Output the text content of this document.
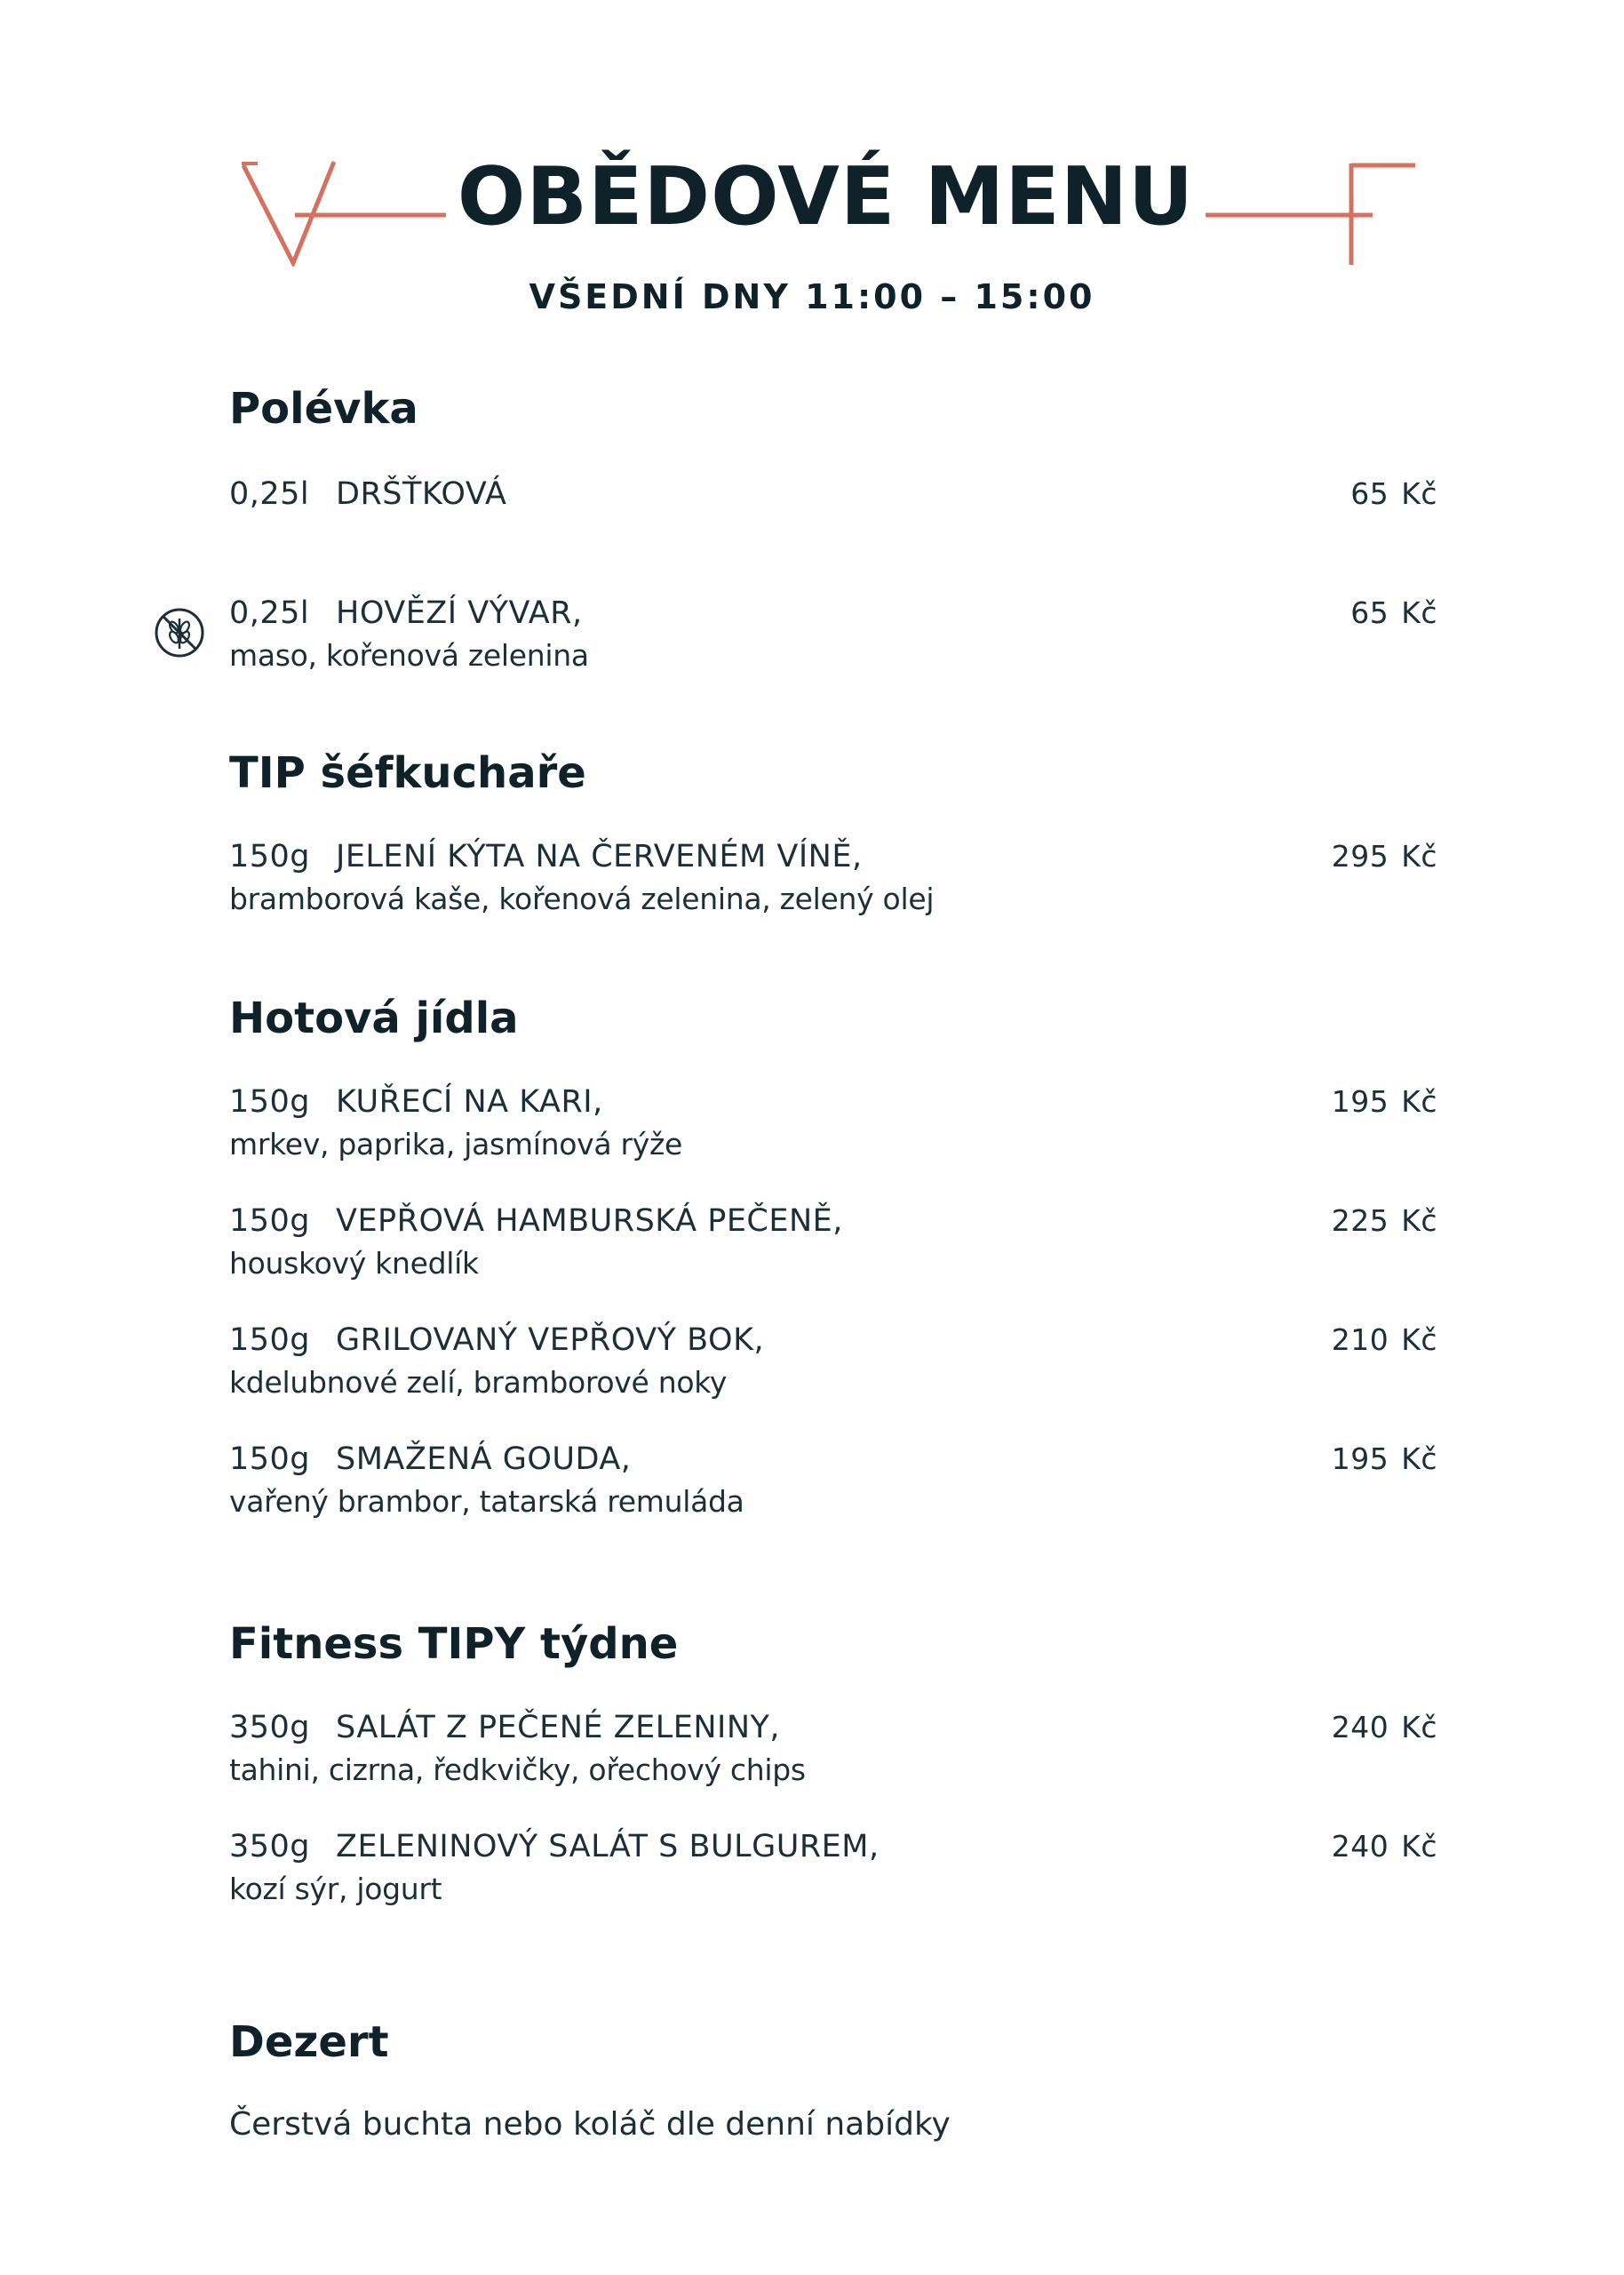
OBĚDOVÉ MENU
VŠEDNÍ DNY 11:00 – 15:00
Polévka
0,25l DRŠŤKOVÁ	65 Kč
0,25l HOVĚZÍ VÝVAR,
maso, kořenová zelenina
65 Kč
TIP šéfkuchaře
150g JELENÍ KÝTA NA ČERVENÉM VÍNĚ,
bramborová kaše, kořenová zelenina, zelený olej
295 Kč
Hotová jídla
150g KUŘECÍ NA KARI,
mrkev, paprika, jasmínová rýže
195 Kč
150g VEPŘOVÁ HAMBURSKÁ PEČENĚ,
houskový knedlík
225 Kč
150g GRILOVANÝ VEPŘOVÝ BOK,
kdelubnové zelí, bramborové noky
210 Kč
150g SMAŽENÁ GOUDA,
vařený brambor, tatarská remuláda
195 Kč
Fitness TIPY týdne
350g SALÁT Z PEČENÉ ZELENINY,
tahini, cizrna, ředkvičky, ořechový chips
240 Kč
350g ZELENINOVÝ SALÁT S BULGUREM,
kozí sýr, jogurt
240 Kč
Dezert
Čerstvá buchta nebo koláč dle denní nabídky
